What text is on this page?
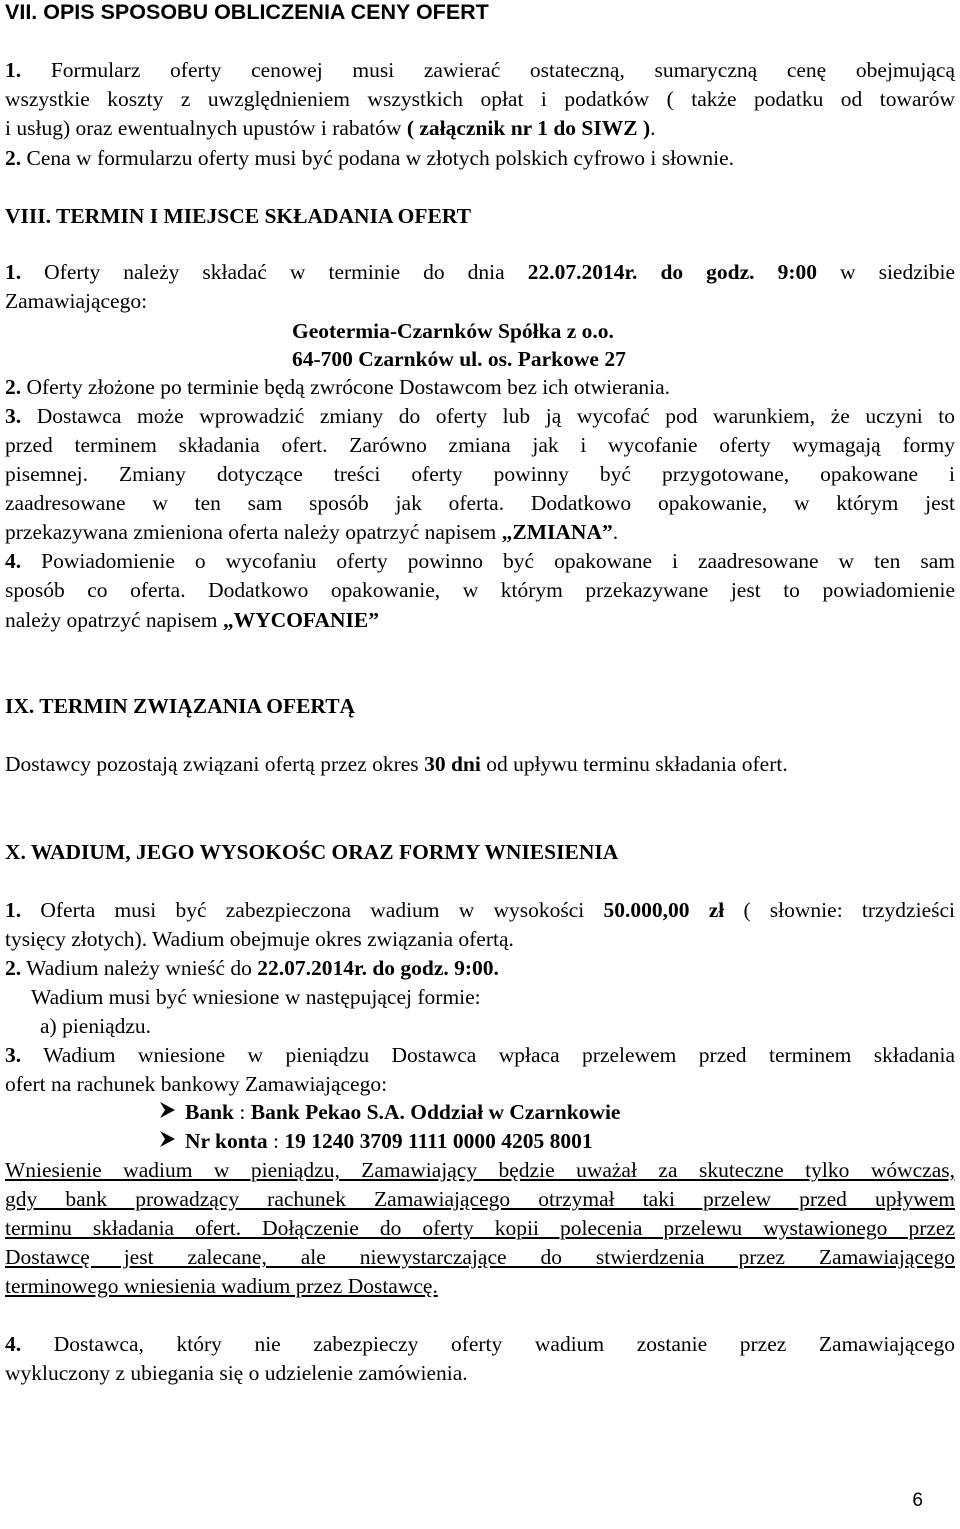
VII. OPIS SPOSOBU OBLICZENIA CENY OFERT
1. Formularz oferty cenowej musi zawierać ostateczną, sumaryczną cenę obejmującą
wszystkie koszty z uwzględnieniem wszystkich opłat i podatków ( także podatku od towarów
i usług) oraz ewentualnych upustów i rabatów ( załącznik nr 1 do SIWZ ).
2. Cena w formularzu oferty musi być podana w złotych polskich cyfrowo i słownie.
VIII. TERMIN I MIEJSCE SKŁADANIA OFERT
1. Oferty należy składać w terminie do dnia 22.07.2014r. do godz. 9:00 w siedzibie
Zamawiającego:
Geotermia-Czarnków Spółka z o.o.
64-700 Czarnków ul. os. Parkowe 27
2. Oferty złożone po terminie będą zwrócone Dostawcom bez ich otwierania.
3. Dostawca może wprowadzić zmiany do oferty lub ją wycofać pod warunkiem, że uczyni to
przed terminem składania ofert. Zarówno zmiana jak i wycofanie oferty wymagają formy
pisemnej. Zmiany dotyczące treści oferty powinny być przygotowane, opakowane i
zaadresowane w ten sam sposób jak oferta. Dodatkowo opakowanie, w którym jest
przekazywana zmieniona oferta należy opatrzyć napisem „ZMIANA”.
4. Powiadomienie o wycofaniu oferty powinno być opakowane i zaadresowane w ten sam
sposób co oferta. Dodatkowo opakowanie, w którym przekazywane jest to powiadomienie
należy opatrzyć napisem „WYCOFANIE”
IX. TERMIN ZWIĄZANIA OFERTĄ
Dostawcy pozostają związani ofertą przez okres 30 dni od upływu terminu składania ofert.
X. WADIUM, JEGO WYSOKOŚC ORAZ FORMY WNIESIENIA
1. Oferta musi być zabezpieczona wadium w wysokości 50.000,00 zł ( słownie: trzydzieści
tysięcy złotych). Wadium obejmuje okres związania ofertą.
2. Wadium należy wnieść do 22.07.2014r. do godz. 9:00.
Wadium musi być wniesione w następującej formie:
a) pieniądzu.
3. Wadium wniesione w pieniądzu Dostawca wpłaca przelewem przed terminem składania
ofert na rachunek bankowy Zamawiającego:
Bank : Bank Pekao S.A. Oddział w Czarnkowie
Nr konta : 19 1240 3709 1111 0000 4205 8001
Wniesienie wadium w pieniądzu, Zamawiający będzie uważał za skuteczne tylko wówczas,
gdy bank prowadzący rachunek Zamawiającego otrzymał taki przelew przed upływem
terminu składania ofert. Dołączenie do oferty kopii polecenia przelewu wystawionego przez
Dostawcę jest zalecane, ale niewystarczające do stwierdzenia przez Zamawiającego
terminowego wniesienia wadium przez Dostawcę.
4. Dostawca, który nie zabezpieczy oferty wadium zostanie przez Zamawiającego
wykluczony z ubiegania się o udzielenie zamówienia.
6
